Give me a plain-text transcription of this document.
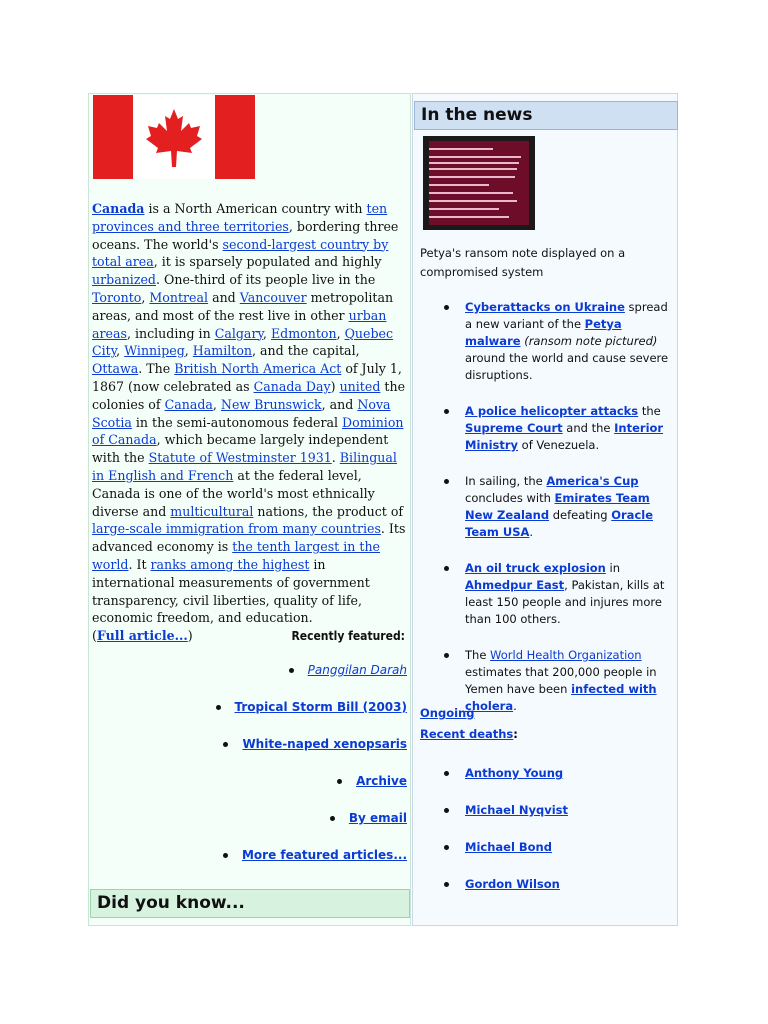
Canada is a North American country with ten provinces and three territories, bordering three oceans. The world's second-largest country by total area, it is sparsely populated and highly urbanized. One-third of its people live in the Toronto, Montreal and Vancouver metropolitan areas, and most of the rest live in other urban areas, including in Calgary, Edmonton, Quebec City, Winnipeg, Hamilton, and the capital, Ottawa. The British North America Act of July 1, 1867 (now celebrated as Canada Day) united the colonies of Canada, New Brunswick, and Nova Scotia in the semi-autonomous federal Dominion of Canada, which became largely independent with the Statute of Westminster 1931. Bilingual in English and French at the federal level, Canada is one of the world's most ethnically diverse and multicultural nations, the product of large-scale immigration from many countries. Its advanced economy is the tenth largest in the world. It ranks among the highest in international measurements of government transparency, civil liberties, quality of life, economic freedom, and education.
(Full article...)	Recently featured:
Panggilan Darah
Tropical Storm Bill (2003)
White-naped xenopsaris
Archive
By email
More featured articles...
Did you know...
In the news
Petya's ransom note displayed on a compromised system
Cyberattacks on Ukraine spread a new variant of the Petya malware (ransom note pictured) around the world and cause severe disruptions.
A police helicopter attacks the Supreme Court and the Interior Ministry of Venezuela.
In sailing, the America's Cup concludes with Emirates Team New Zealand defeating Oracle Team USA.
An oil truck explosion in Ahmedpur East, Pakistan, kills at least 150 people and injures more than 100 others.
The World Health Organization estimates that 200,000 people in Yemen have been infected with cholera.
Ongoing
Recent deaths:
Anthony Young
Michael Nyqvist
Michael Bond
Gordon Wilson
